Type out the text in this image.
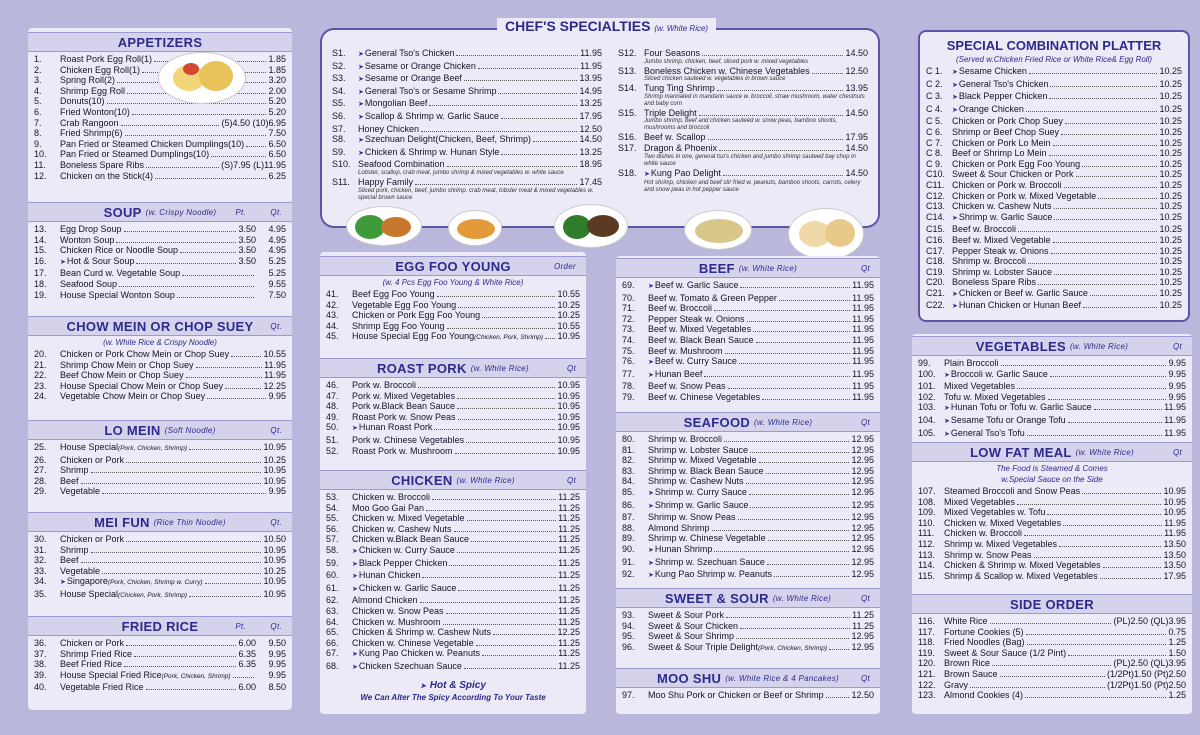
APPETIZERS
1.	Roast Pork Egg Roll(1)	1.85
2.	Chicken Egg Roll(1)	1.85
3.	Spring Roll(2)	3.20
4.	Shrimp Egg Roll	2.00
5.	Donuts(10)	5.20
6.	Fried Wonton(10)	5.20
7.	Crab Rangoon	(5)4.50 (10)6.95
8.	Fried Shrimp(6)	7.50
9.	Pan Fried or Steamed Chicken Dumplings(10)	6.50
10.	Pan Fried or Steamed Dumplings(10)	6.50
11.	Boneless Spare Ribs	(S)7.95 (L)11.95
12.	Chicken on the Stick(4)	6.25
SOUP (w. Crispy Noodle) Pt.	Qt.
13.	Egg Drop Soup	3.50	4.95
14.	Wonton Soup	3.50	4.95
15.	Chicken Rice or Noodle Soup	3.50	4.95
16.	➤ Hot & Sour Soup	3.50	5.25
17.	Bean Curd w. Vegetable Soup	5.25
18.	Seafood Soup	9.55
19.	House Special Wonton Soup	7.50
CHOW MEIN OR CHOP SUEY Qt.
(w. White Rice & Crispy Noodle)
20.	Chicken or Pork Chow Mein or Chop Suey	10.55
21.	Shrimp Chow Mein or Chop Suey	11.95
22.	Beef Chow Mein or Chop Suey	11.95
23.	House Special Chow Mein or Chop Suey	12.25
24.	Vegetable Chow Mein or Chop Suey	9.95
LO MEIN (Soft Noodle)	Qt.
25.	House Special(Pork, Chicken, Shrimp)	10.95
26.	Chicken or Pork	10.25
27.	Shrimp	10.95
28.	Beef	10.95
29.	Vegetable	9.95
MEI FUN (Rice Thin Noodle)	Qt.
30.	Chicken or Pork	10.50
31.	Shrimp	10.95
32.	Beef	10.95
33.	Vegetable	10.25
34.	➤ Singapore(Pork, Chicken, Shrimp w. Curry)	10.95
35.	House Special(Chicken, Pork, Shrimp)	10.95
FRIED RICE	Pt.	Qt.
36.	Chicken or Pork	6.00	9.50
37.	Shrimp Fried Rice	6.35	9.95
38.	Beef Fried Rice	6.35	9.95
39.	House Special Fried Rice(Pork, Chicken, Shrimp)	9.95
40.	Vegetable Fried Rice	6.00	8.50
CHEF'S SPECIALTIES (w. White Rice)
S1.	➤ General Tso's Chicken	11.95
S2.	➤ Sesame or Orange Chicken	11.95
S3.	➤ Sesame or Orange Beef	13.95
S4.	➤ General Tso's or Sesame Shrimp	14.95
S5.	➤ Mongolian Beef	13.25
S6.	➤ Scallop & Shrimp w. Garlic Sauce	17.95
S7.	Honey Chicken	12.50
S8.	➤ Szechuan Delight(Chicken, Beef, Shrimp)	14.50
S9.	➤ Chicken & Shrimp w. Hunan Style	13.25
S10. Seafood Combination	18.95
Lobster, scallop, crab meat, jumbo shrimp & mixed vegetables w. white sauce
S11. Happy Family	17.45
Sliced pork, chicken, beef, jumbo shrimp, crab meat, lobster meat & mixed vegetables w. special brown sauce
S12. Four Seasons	14.50
Jumbo shrimp, chicken, beef, sliced pork w. mixed vegetables
S13. Boneless Chicken w. Chinese Vegetables	12.50
Sliced chicken sauteed w. vegetables in brown sauce
S14. Tung Ting Shrimp	13.95
Shrimp marinated in mandarin sauce w. broccoli, straw mushroom, water chestnuts and baby corn
S15. Triple Delight	14.50
Jumbo shrimp, beef and chicken sauteed w. snow peas, bamboo shoots, mushrooms and broccoli
S16. Beef w. Scallop	17.95
S17. Dragon & Phoenix	14.50
Two dishes in one, general tso's chicken and jumbo shrimp sauteed bay chop in white sauce
S18.	➤ Kung Pao Delight	14.50
Hot shrimp, chicken and beef stir fried w. peanuts, bamboo shoots, carrots, celery and snow peas in hot pepper sauce
EGG FOO YOUNG	Order
(w. 4 Pcs Egg Foo Young & White Rice)
41.	Beef Egg Foo Young	10.55
42.	Vegetable Egg Foo Young	10.25
43.	Chicken or Pork Egg Foo Young	10.25
44.	Shrimp Egg Foo Young	10.55
45.	House Special Egg Foo Young(Chicken, Pork, Shrimp) 10.95
ROAST PORK (w. White Rice)	Qt
46.	Pork w. Broccoli	10.95
47.	Pork w. Mixed Vegetables	10.95
48.	Pork w.Black Bean Sauce	10.95
49.	Roast Pork w. Snow Peas	10.95
50.	➤ Hunan Roast Pork	10.95
51.	Pork w. Chinese Vegetables	10.95
52.	Roast Pork w. Mushroom	10.95
CHICKEN (w. White Rice)	Qt
53.	Chicken w. Broccoli	11.25
54.	Moo Goo Gai Pan	11.25
55.	Chicken w. Mixed Vegetable	11.25
56.	Chicken w. Cashew Nuts	11.25
57.	Chicken w.Black Bean Sauce	11.25
58.	➤ Chicken w. Curry Sauce	11.25
59.	➤ Black Pepper Chicken	11.25
60.	➤ Hunan Chicken	11.25
61.	➤ Chicken w. Garlic Sauce	11.25
62.	Almond Chicken	11.25
63.	Chicken w. Snow Peas	11.25
64.	Chicken w. Mushroom	11.25
65.	Chicken & Shrimp w. Cashew Nuts	12.25
66.	Chicken w. Chinese Vegetable	11.25
67.	➤ Kung Pao Chicken w. Peanuts	11.25
68.	➤ Chicken Szechuan Sauce	11.25
➤ Hot & Spicy
We Can Alter The Spicy According To Your Taste
BEEF (w. White Rice)	Qt
69.	➤ Beef w. Garlic Sauce	11.95
70.	Beef w. Tomato & Green Pepper	11.95
71.	Beef w. Broccoli	11.95
72.	Pepper Steak w. Onions	11.95
73.	Beef w. Mixed Vegetables	11.95
74.	Beef w. Black Bean Sauce	11.95
75.	Beef w. Mushroom	11.95
76.	➤ Beef w. Curry Sauce	11.95
77.	➤ Hunan Beef	11.95
78.	Beef w. Snow Peas	11.95
79.	Beef w. Chinese Vegetables	11.95
SEAFOOD (w. White Rice)	Qt
80.	Shrimp w. Broccoli	12.95
81.	Shrimp w. Lobster Sauce	12.95
82.	Shrimp w. Mixed Vegetable	12.95
83.	Shrimp w. Black Bean Sauce	12.95
84.	Shrimp w. Cashew Nuts	12.95
85.	➤ Shrimp w. Curry Sauce	12.95
86.	➤ Shrimp w. Garlic Sauce	12.95
87.	Shrimp w. Snow Peas	12.95
88.	Almond Shrimp	12.95
89.	Shrimp w. Chinese Vegetable	12.95
90.	➤ Hunan Shrimp	12.95
91.	➤ Shrimp w. Szechuan Sauce	12.95
92.	➤ Kung Pao Shrimp w. Peanuts	12.95
SWEET & SOUR (w. White Rice)	Qt
93.	Sweet & Sour Pork	11.25
94.	Sweet & Sour Chicken	11.25
95.	Sweet & Sour Shrimp	12.95
96.	Sweet & Sour Triple Delight(Pork, Chicken, Shrimp)	12.95
MOO SHU (w. White Rice & 4 Pancakes)	Qt
97.	Moo Shu Pork or Chicken or Beef or Shrimp	12.50
SPECIAL COMBINATION PLATTER
(Served w.Chicken Fried Rice or White Rice& Egg Roll)
C 1.	➤ Sesame Chicken	10.25
C 2.	➤ General Tso's Chicken	10.25
C 3.	➤ Black Pepper Chicken	10.25
C 4.	➤ Orange Chicken	10.25
C 5.	Chicken or Pork Chop Suey	10.25
C 6.	Shrimp or Beef Chop Suey	10.25
C 7.	Chicken or Pork Lo Mein	10.25
C 8.	Beef or Shrimp Lo Mein	10.25
C 9.	Chicken or Pork Egg Foo Young	10.25
C10. Sweet & Sour Chicken or Pork	10.25
C11. Chicken or Pork w. Broccoli	10.25
C12. Chicken or Pork w. Mixed Vegetable	10.25
C13. Chicken w. Cashew Nuts	10.25
C14. ➤ Shrimp w. Garlic Sauce	10.25
C15. Beef w. Broccoli	10.25
C16. Beef w. Mixed Vegetable	10.25
C17. Pepper Steak w. Onions	10.25
C18. Shrimp w. Broccoli	10.25
C19. Shrimp w. Lobster Sauce	10.25
C20. Boneless Spare Ribs	10.25
C21. ➤ Chicken or Beef w. Garlic Sauce	10.25
C22. ➤ Hunan Chicken or Hunan Beef	10.25
VEGETABLES (w. White Rice)	Qt
99.	Plain Broccoli	9.95
100.	➤ Broccoli w. Garlic Sauce	9.95
101. Mixed Vegetables	9.95
102. Tofu w. Mixed Vegetables	9.95
103.	➤ Hunan Tofu or Tofu w. Garlic Sauce	11.95
104.	➤ Sesame Tofu or Orange Tofu	11.95
105.	➤ General Tso's Tofu	11.95
LOW FAT MEAL (w. White Rice)	Qt
The Food is Steamed & Comes
w.Special Sauce on the Side
107. Steamed Broccoli and Snow Peas	10.95
108. Mixed Vegetables	10.95
109. Mixed Vegetables w. Tofu	10.95
110.	Chicken w. Mixed Vegetables	11.95
111.	Chicken w. Broccoli	11.95
112.	Shrimp w. Mixed Vegetables	13.50
113.	Shrimp w. Snow Peas	13.50
114.	Chicken & Shrimp w. Mixed Vegetables	13.50
115.	Shrimp & Scallop w. Mixed Vegetables	17.95
SIDE ORDER
116.	White Rice	(PL)2.50 (QL)3.95
117.	Fortune Cookies (5)	0.75
118.	Fried Noodles (Bag)	1.25
119.	Sweet & Sour Sauce (1/2 Pint)	1.50
120. Brown Rice	(PL)2.50 (QL)3.95
121. Brown Sauce	(1/2Pt)1.50 (Pt)2.50
122. Gravy	(1/2Pt)1.50 (Pt)2.50
123. Almond Cookies (4)	1.25
